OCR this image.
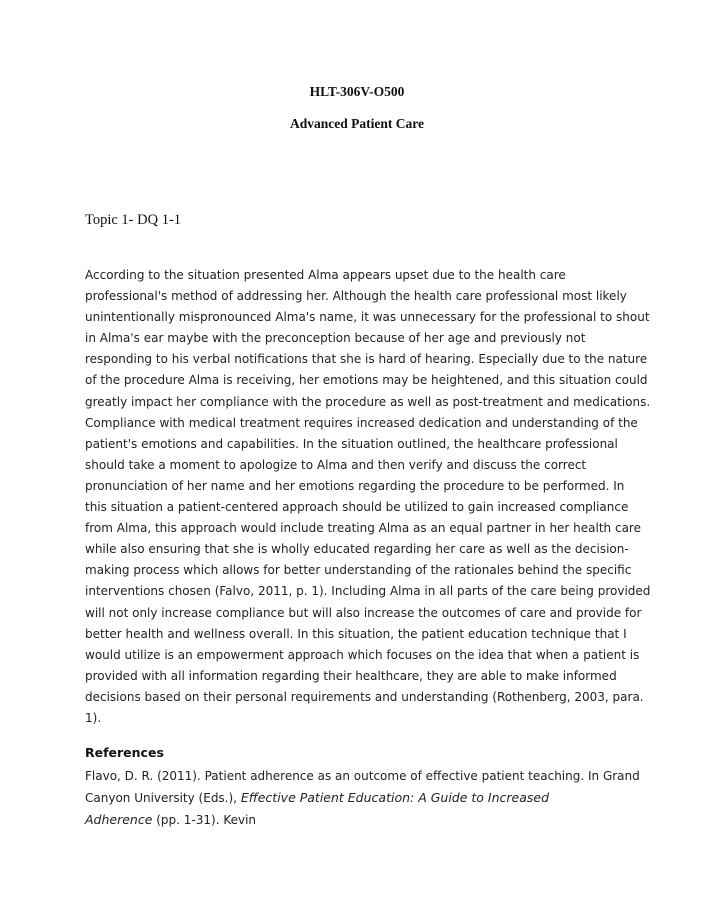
HLT-306V-O500
Advanced Patient Care
Topic 1- DQ 1-1
According to the situation presented Alma appears upset due to the health care
professional's method of addressing her. Although the health care professional most likely
unintentionally mispronounced Alma's name, it was unnecessary for the professional to shout
in Alma's ear maybe with the preconception because of her age and previously not
responding to his verbal notifications that she is hard of hearing. Especially due to the nature
of the procedure Alma is receiving, her emotions may be heightened, and this situation could
greatly impact her compliance with the procedure as well as post-treatment and medications.
Compliance with medical treatment requires increased dedication and understanding of the
patient's emotions and capabilities. In the situation outlined, the healthcare professional
should take a moment to apologize to Alma and then verify and discuss the correct
pronunciation of her name and her emotions regarding the procedure to be performed. In
this situation a patient-centered approach should be utilized to gain increased compliance
from Alma, this approach would include treating Alma as an equal partner in her health care
while also ensuring that she is wholly educated regarding her care as well as the decision-
making process which allows for better understanding of the rationales behind the specific
interventions chosen (Falvo, 2011, p. 1). Including Alma in all parts of the care being provided
will not only increase compliance but will also increase the outcomes of care and provide for
better health and wellness overall. In this situation, the patient education technique that I
would utilize is an empowerment approach which focuses on the idea that when a patient is
provided with all information regarding their healthcare, they are able to make informed
decisions based on their personal requirements and understanding (Rothenberg, 2003, para.
1).
References
Flavo, D. R. (2011). Patient adherence as an outcome of effective patient teaching. In Grand
Canyon University (Eds.), Effective Patient Education: A Guide to Increased
Adherence (pp. 1-31). Kevin
